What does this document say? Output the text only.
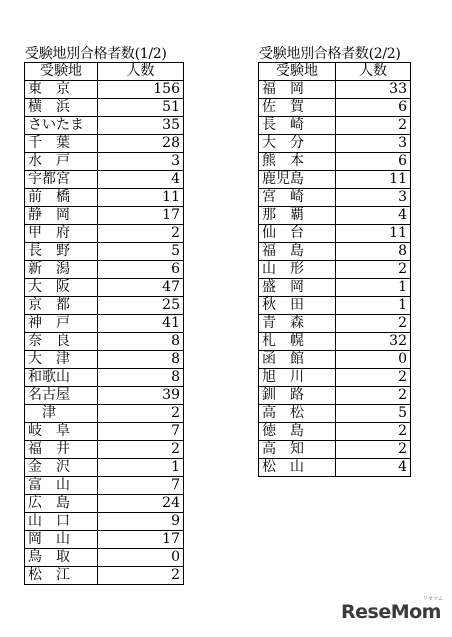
受験地別合格者数(1/2)
受験地	人数
東　京	156
横　浜	51
さいたま	35
千　葉	28
水　戸	3
宇都宮	4
前　橋	11
静　岡	17
甲　府	2
長　野	5
新　潟	6
大　阪	47
京　都	25
神　戸	41
奈　良	8
大　津	8
和歌山	8
名古屋	39
　津	2
岐　阜	7
福　井	2
金　沢	1
富　山	7
広　島	24
山　口	9
岡　山	17
鳥　取	0
松　江	2
受験地別合格者数(2/2)
受験地	人数
福　岡	33
佐　賀	6
長　崎	2
大　分	3
熊　本	6
鹿児島	11
宮　崎	3
那　覇	4
仙　台	11
福　島	8
山　形	2
盛　岡	1
秋　田	1
青　森	2
札　幌	32
函　館	0
旭　川	2
釧　路	2
高　松	5
徳　島	2
高　知	2
松　山	4
ReseMom
リセマム
